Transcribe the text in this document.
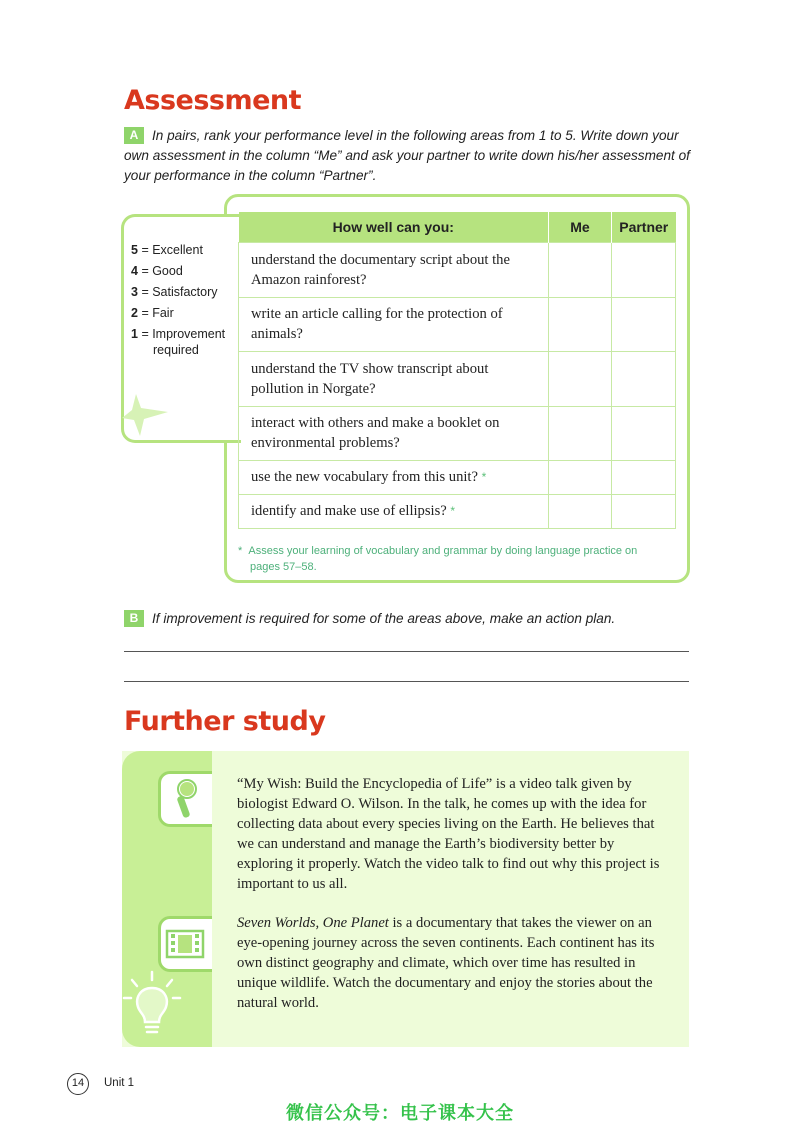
Assessment
A In pairs, rank your performance level in the following areas from 1 to 5. Write down your own assessment in the column “Me” and ask your partner to write down his/her assessment of your performance in the column “Partner”.
5 = Excellent
4 = Good
3 = Satisfactory
2 = Fair
1 = Improvement
required
How well can you:	Me	Partner
understand the documentary script about the Amazon rainforest?		
write an article calling for the protection of animals?		
understand the TV show transcript about pollution in Norgate?		
interact with others and make a booklet on environmental problems?		
use the new vocabulary from this unit? *		
identify and make use of ellipsis? *		
* Assess your learning of vocabulary and grammar by doing language practice on
pages 57–58.
B If improvement is required for some of the areas above, make an action plan.
Further study
“My Wish: Build the Encyclopedia of Life” is a video talk given by biologist Edward O. Wilson. In the talk, he comes up with the idea for collecting data about every species living on the Earth. He believes that we can understand and manage the Earth’s biodiversity better by exploring it properly. Watch the video talk to find out why this project is important to us all.
Seven Worlds, One Planet is a documentary that takes the viewer on an eye-opening journey across the seven continents. Each continent has its own distinct geography and climate, which over time has resulted in unique wildlife. Watch the documentary and enjoy the stories about the natural world.
14	Unit 1
微信公众号：电子课本大全
